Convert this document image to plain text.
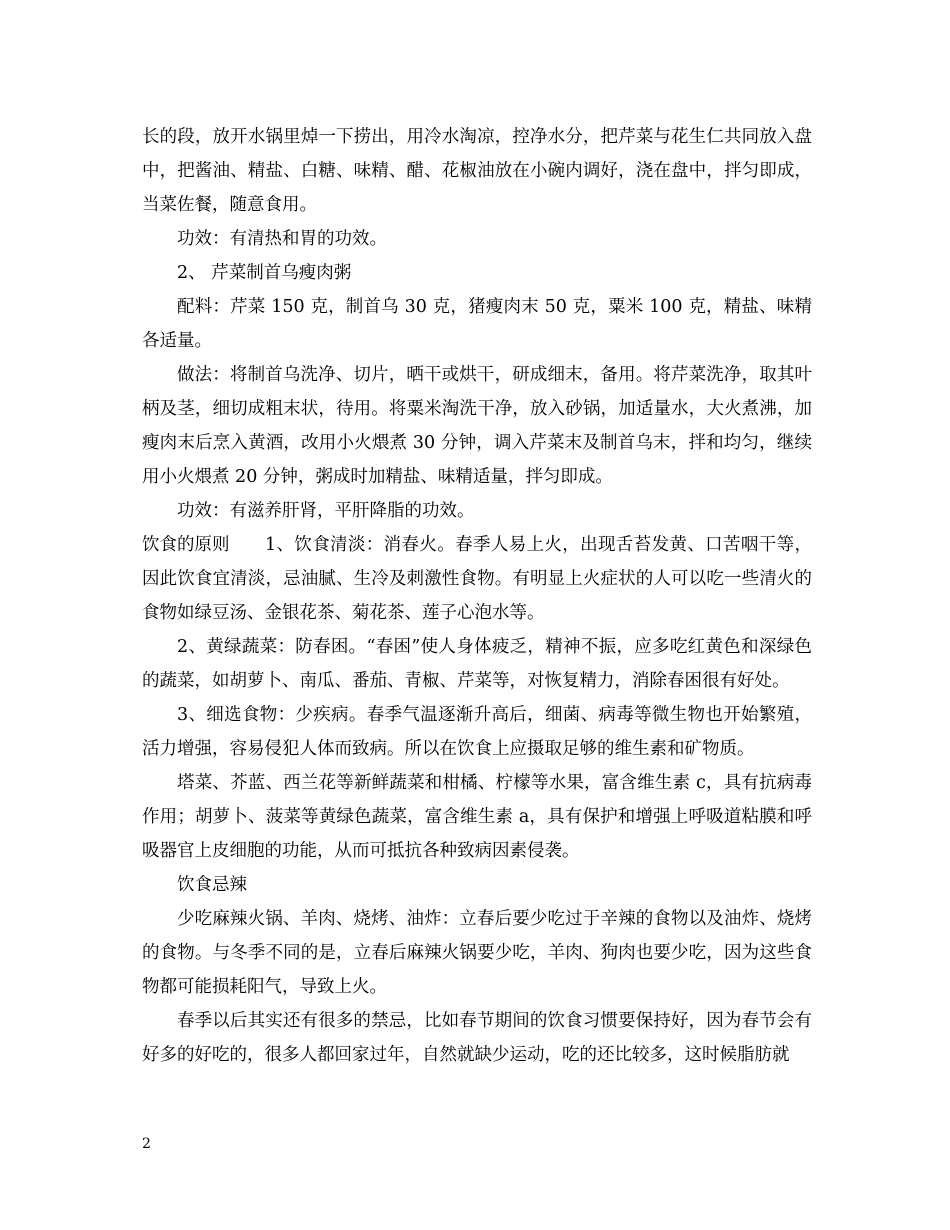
长的段，放开水锅里焯一下捞出，用冷水淘凉，控净水分，把芹菜与花生仁共同放入盘中，把酱油、精盐、白糖、味精、醋、花椒油放在小碗内调好，浇在盘中，拌匀即成，当菜佐餐，随意食用。

功效：有清热和胃的功效。

2、 芹菜制首乌瘦肉粥

配料：芹菜 150 克，制首乌 30 克，猪瘦肉末 50 克，粟米 100 克，精盐、味精各适量。

做法：将制首乌洗净、切片，晒干或烘干，研成细末，备用。将芹菜洗净，取其叶柄及茎，细切成粗末状，待用。将粟米淘洗干净，放入砂锅，加适量水，大火煮沸，加瘦肉末后烹入黄酒，改用小火煨煮 30 分钟，调入芹菜末及制首乌末，拌和均匀，继续用小火煨煮 20 分钟，粥成时加精盐、味精适量，拌匀即成。

功效：有滋养肝肾，平肝降脂的功效。

饮食的原则 1、饮食清淡：消春火。春季人易上火，出现舌苔发黄、口苦咽干等，因此饮食宜清淡，忌油腻、生冷及刺激性食物。有明显上火症状的人可以吃一些清火的食物如绿豆汤、金银花茶、菊花茶、莲子心泡水等。

2、黄绿蔬菜：防春困。“春困”使人身体疲乏，精神不振，应多吃红黄色和深绿色的蔬菜，如胡萝卜、南瓜、番茄、青椒、芹菜等，对恢复精力，消除春困很有好处。

3、细选食物：少疾病。春季气温逐渐升高后，细菌、病毒等微生物也开始繁殖，活力增强，容易侵犯人体而致病。所以在饮食上应摄取足够的维生素和矿物质。

塔菜、芥蓝、西兰花等新鲜蔬菜和柑橘、柠檬等水果，富含维生素 c，具有抗病毒作用；胡萝卜、菠菜等黄绿色蔬菜，富含维生素 a，具有保护和增强上呼吸道粘膜和呼吸器官上皮细胞的功能，从而可抵抗各种致病因素侵袭。

饮食忌辣

少吃麻辣火锅、羊肉、烧烤、油炸：立春后要少吃过于辛辣的食物以及油炸、烧烤的食物。与冬季不同的是，立春后麻辣火锅要少吃，羊肉、狗肉也要少吃，因为这些食物都可能损耗阳气，导致上火。

春季以后其实还有很多的禁忌，比如春节期间的饮食习惯要保持好，因为春节会有好多的好吃的，很多人都回家过年，自然就缺少运动，吃的还比较多，这时候脂肪就

2
